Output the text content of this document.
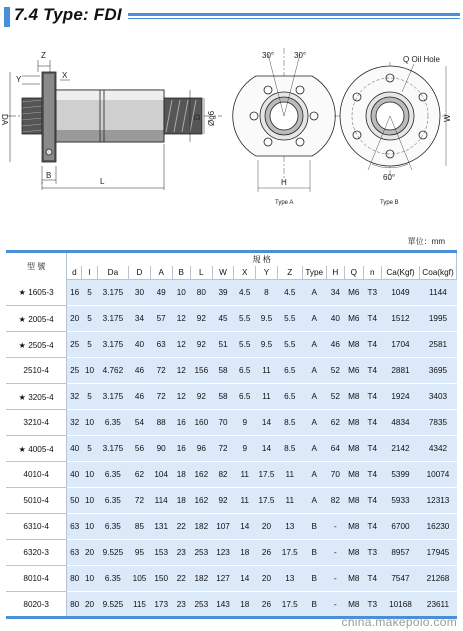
7.4 Type: FDI
Z
Y	X
DA
B
L
D Øg6
30° 30°
H
Type A
Q Oil Hole
W
60°
Type B
單位：mm
型 號	規 格																
	d	l	Da	D	A	B	L	W	X	Y	Z	Type	H	Q	n	Ca(Kgf)	Coa(kgf)
★ 1605-3	16	5	3.175	30	49	10	80	39	4.5	8	4.5	A	34	M6	T3	1049	1144
★ 2005-4	20	5	3.175	34	57	12	92	45	5.5	9.5	5.5	A	40	M6	T4	1512	1995
★ 2505-4	25	5	3.175	40	63	12	92	51	5.5	9.5	5.5	A	46	M8	T4	1704	2581
2510-4	25	10	4.762	46	72	12	156	58	6.5	11	6.5	A	52	M6	T4	2881	3695
★ 3205-4	32	5	3.175	46	72	12	92	58	6.5	11	6.5	A	52	M8	T4	1924	3403
3210-4	32	10	6.35	54	88	16	160	70	9	14	8.5	A	62	M8	T4	4834	7835
★ 4005-4	40	5	3.175	56	90	16	96	72	9	14	8.5	A	64	M8	T4	2142	4342
4010-4	40	10	6.35	62	104	18	162	82	11	17.5	11	A	70	M8	T4	5399	10074
5010-4	50	10	6.35	72	114	18	162	92	11	17.5	11	A	82	M8	T4	5933	12313
6310-4	63	10	6.35	85	131	22	182	107	14	20	13	B	-	M8	T4	6700	16230
6320-3	63	20	9.525	95	153	23	253	123	18	26	17.5	B	-	M8	T3	8957	17945
8010-4	80	10	6.35	105	150	22	182	127	14	20	13	B	-	M8	T4	7547	21268
8020-3	80	20	9.525	115	173	23	253	143	18	26	17.5	B	-	M8	T3	10168	23611
china.makepolo.com
